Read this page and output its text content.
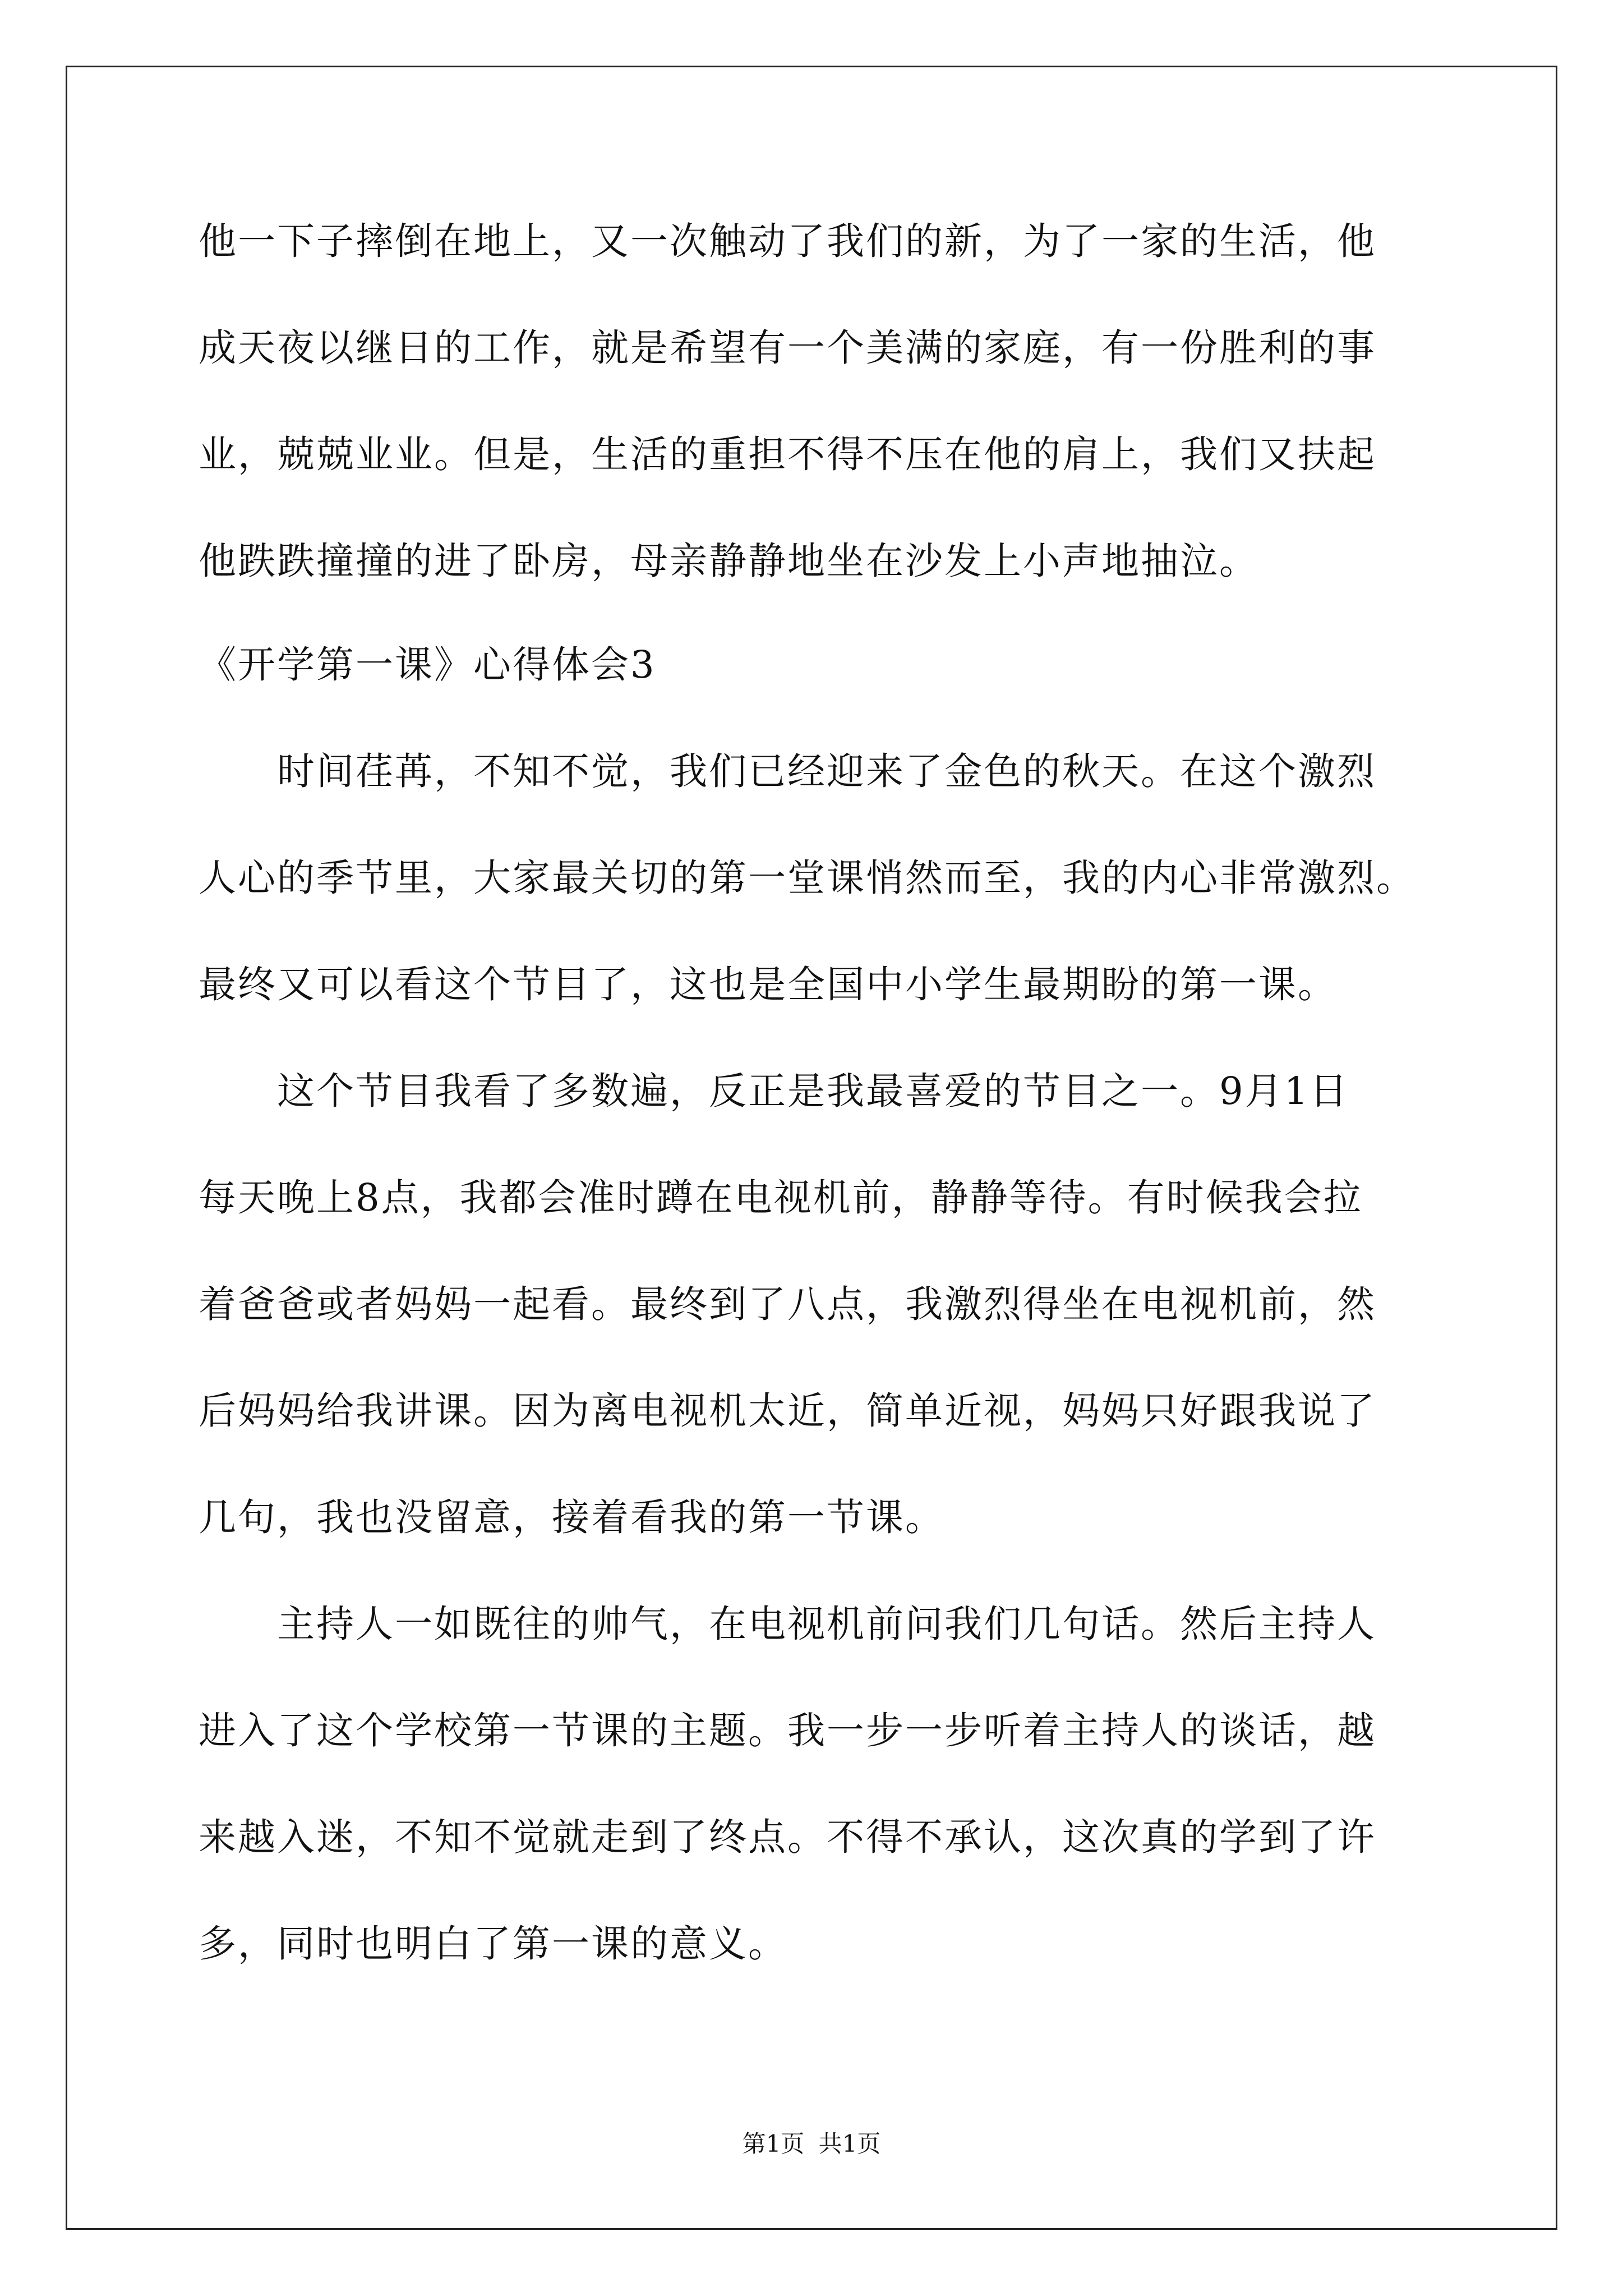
他一下子摔倒在地上，又一次触动了我们的新，为了一家的生活，他
成天夜以继日的工作，就是希望有一个美满的家庭，有一份胜利的事
业，兢兢业业。但是，生活的重担不得不压在他的肩上，我们又扶起
他跌跌撞撞的进了卧房，母亲静静地坐在沙发上小声地抽泣。
《开学第一课》心得体会3
　　时间荏苒，不知不觉，我们已经迎来了金色的秋天。在这个激烈
人心的季节里，大家最关切的第一堂课悄然而至，我的内心非常激烈。
最终又可以看这个节目了，这也是全国中小学生最期盼的第一课。
　　这个节目我看了多数遍，反正是我最喜爱的节目之一。9月1日
每天晚上8点，我都会准时蹲在电视机前，静静等待。有时候我会拉
着爸爸或者妈妈一起看。最终到了八点，我激烈得坐在电视机前，然
后妈妈给我讲课。因为离电视机太近，简单近视，妈妈只好跟我说了
几句，我也没留意，接着看我的第一节课。
　　主持人一如既往的帅气，在电视机前问我们几句话。然后主持人
进入了这个学校第一节课的主题。我一步一步听着主持人的谈话，越
来越入迷，不知不觉就走到了终点。不得不承认，这次真的学到了许
多，同时也明白了第一课的意义。
第1页 共1页
